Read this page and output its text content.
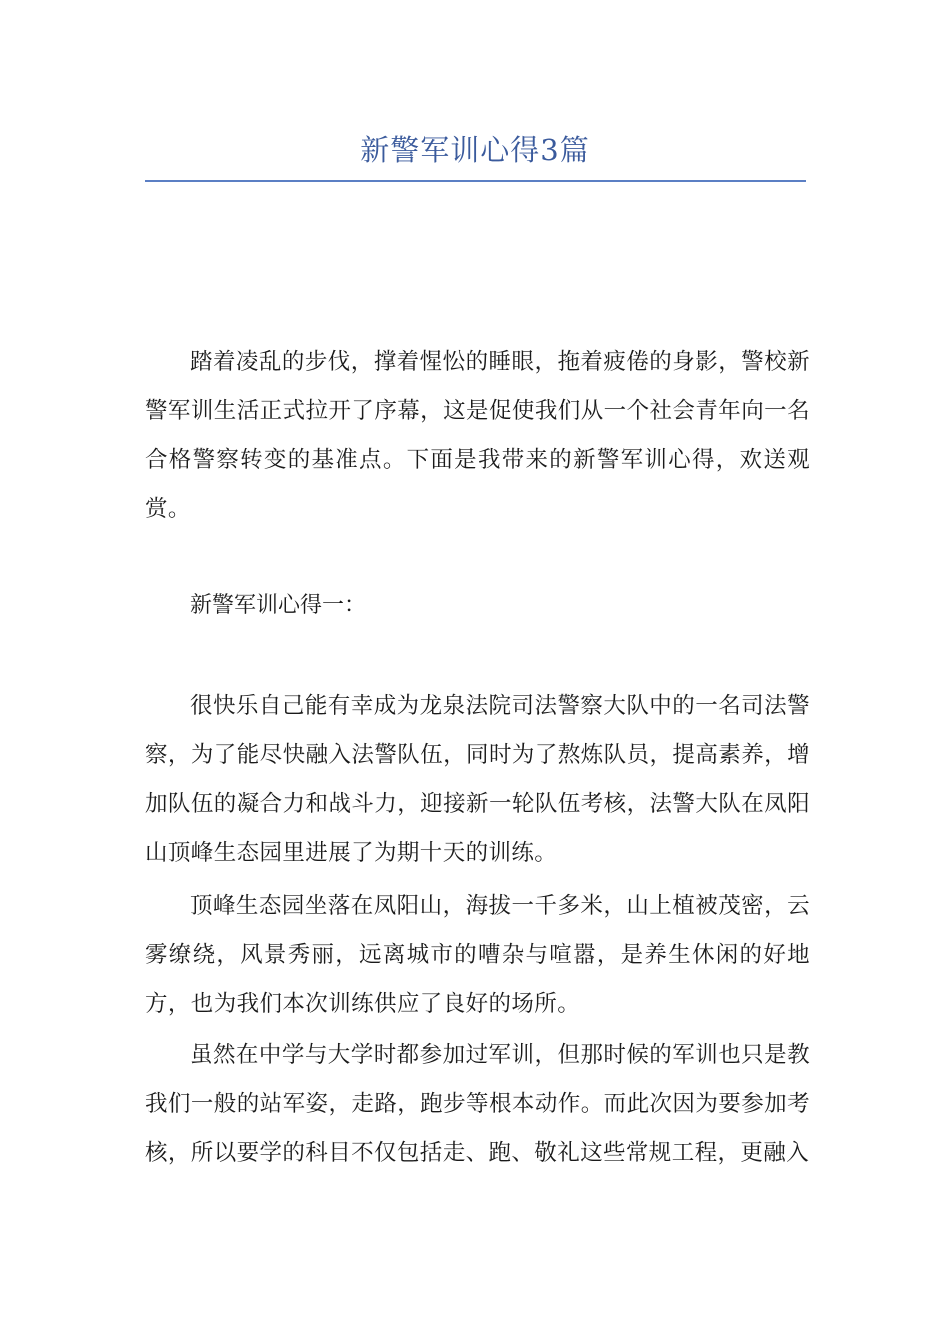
新警军训心得3篇

踏着凌乱的步伐，撑着惺忪的睡眼，拖着疲倦的身影，警校新警军训生活正式拉开了序幕，这是促使我们从一个社会青年向一名合格警察转变的基准点。下面是我带来的新警军训心得，欢送观赏。

新警军训心得一：

很快乐自己能有幸成为龙泉法院司法警察大队中的一名司法警察，为了能尽快融入法警队伍，同时为了熬炼队员，提高素养，增加队伍的凝合力和战斗力，迎接新一轮队伍考核，法警大队在凤阳山顶峰生态园里进展了为期十天的训练。

顶峰生态园坐落在凤阳山，海拔一千多米，山上植被茂密，云雾缭绕，风景秀丽，远离城市的嘈杂与喧嚣，是养生休闲的好地方，也为我们本次训练供应了良好的场所。

虽然在中学与大学时都参加过军训，但那时候的军训也只是教我们一般的站军姿，走路，跑步等根本动作。而此次因为要参加考核，所以要学的科目不仅包括走、跑、敬礼这些常规工程，更融入
